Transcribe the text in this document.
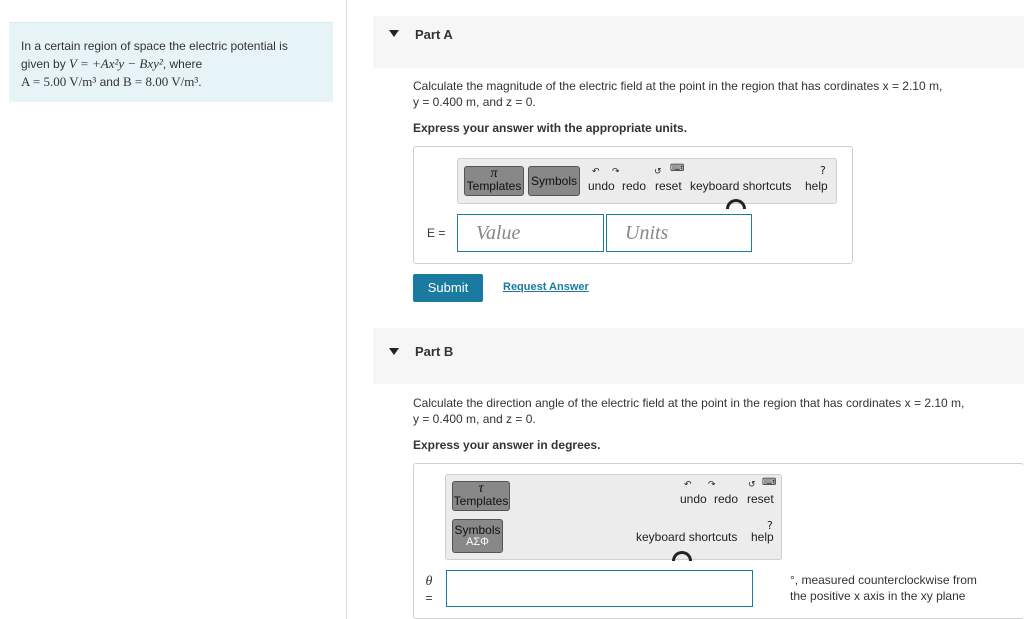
In a certain region of space the electric potential is
given by V = +Ax²y − Bxy², where
A = 5.00 V/m³ and B = 8.00 V/m³.
Part A
Calculate the magnitude of the electric field at the point in the region that has cordinates x = 2.10 m,
y = 0.400 m, and z = 0.
Express your answer with the appropriate units.
π
Templates Symbols
↶ ↷	↺ ⌨	?
undo redo reset keyboard shortcuts help
E =	Value	Units
Submit	Request Answer
Part B
Calculate the direction angle of the electric field at the point in the region that has cordinates x = 2.10 m,
y = 0.400 m, and z = 0.
Express your answer in degrees.
τ
Templates
Symbols
AΣΦ
↶ ↷	↺ ⌨
undo redo reset
?
keyboard shortcuts help
θ
=
°, measured counterclockwise from
the positive x axis in the xy plane
